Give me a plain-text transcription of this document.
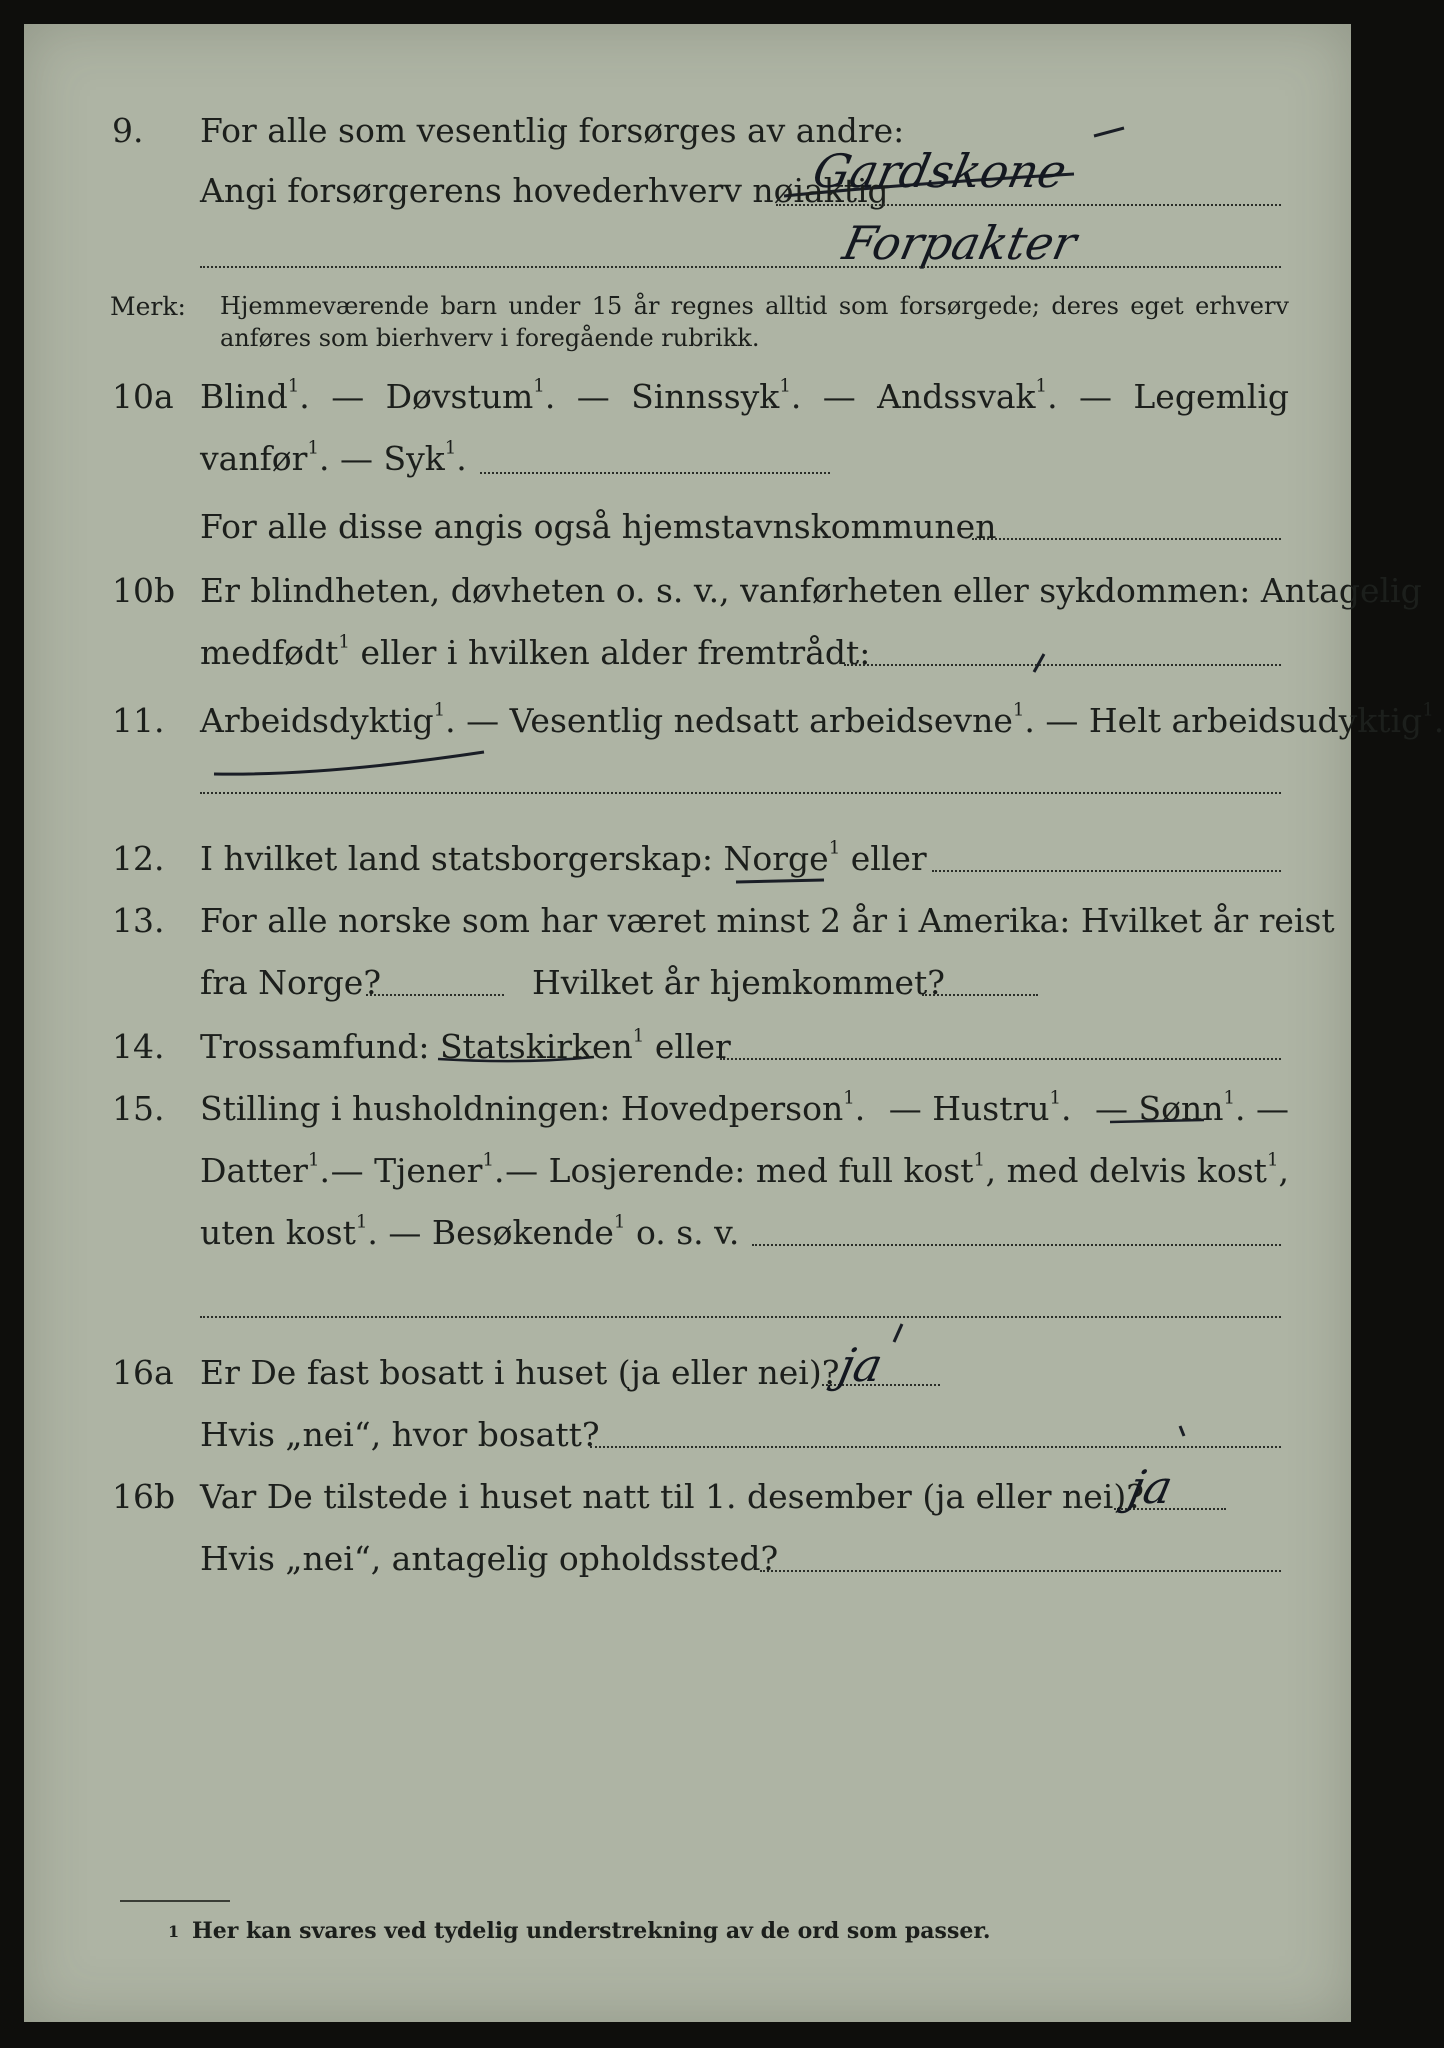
9. For alle som vesentlig forsørges av andre:
Angi forsørgerens hovederhverv nøiaktig
Gardskone
Forpakter
Merk: Hjemmeværende barn under 15 år regnes alltid som forsørgede; deres eget erhverv
anføres som bierhverv i foregående rubrikk.
10a Blind$^1$. — Døvstum$^1$. — Sinnssyk$^1$. — Andssvak$^1$. — Legemlig
vanfør$^1$. — Syk$^1$.
For alle disse angis også hjemstavnskommunen
10b Er blindheten, døvheten o. s. v., vanførheten eller sykdommen: Antagelig
medfødt$^1$ eller i hvilken alder fremtrådt:
11. Arbeidsdyktig$^1$. — Vesentlig nedsatt arbeidsevne$^1$. — Helt arbeidsudyktig$^1$.
12. I hvilket land statsborgerskap: Norge$^1$ eller
13. For alle norske som har været minst 2 år i Amerika: Hvilket år reist
fra Norge?	Hvilket år hjemkommet?
14. Trossamfund: Statskirken$^1$ eller
15. Stilling i husholdningen: Hovedperson$^1$. — Hustru$^1$. — Sønn$^1$. —
Datter$^1$. — Tjener$^1$. — Losjerende: med full kost$^1$ , med delvis kost$^1$,
uten kost$^1$. — Besøkende$^1$ o. s. v.
16a Er De fast bosatt i huset (ja eller nei)?
ja
Hvis „nei“, hvor bosatt?
16b Var De tilstede i huset natt til 1. desember (ja eller nei)?
ja
Hvis „nei“, antagelig opholdssted?
1 Her kan svares ved tydelig understrekning av de ord som passer.
